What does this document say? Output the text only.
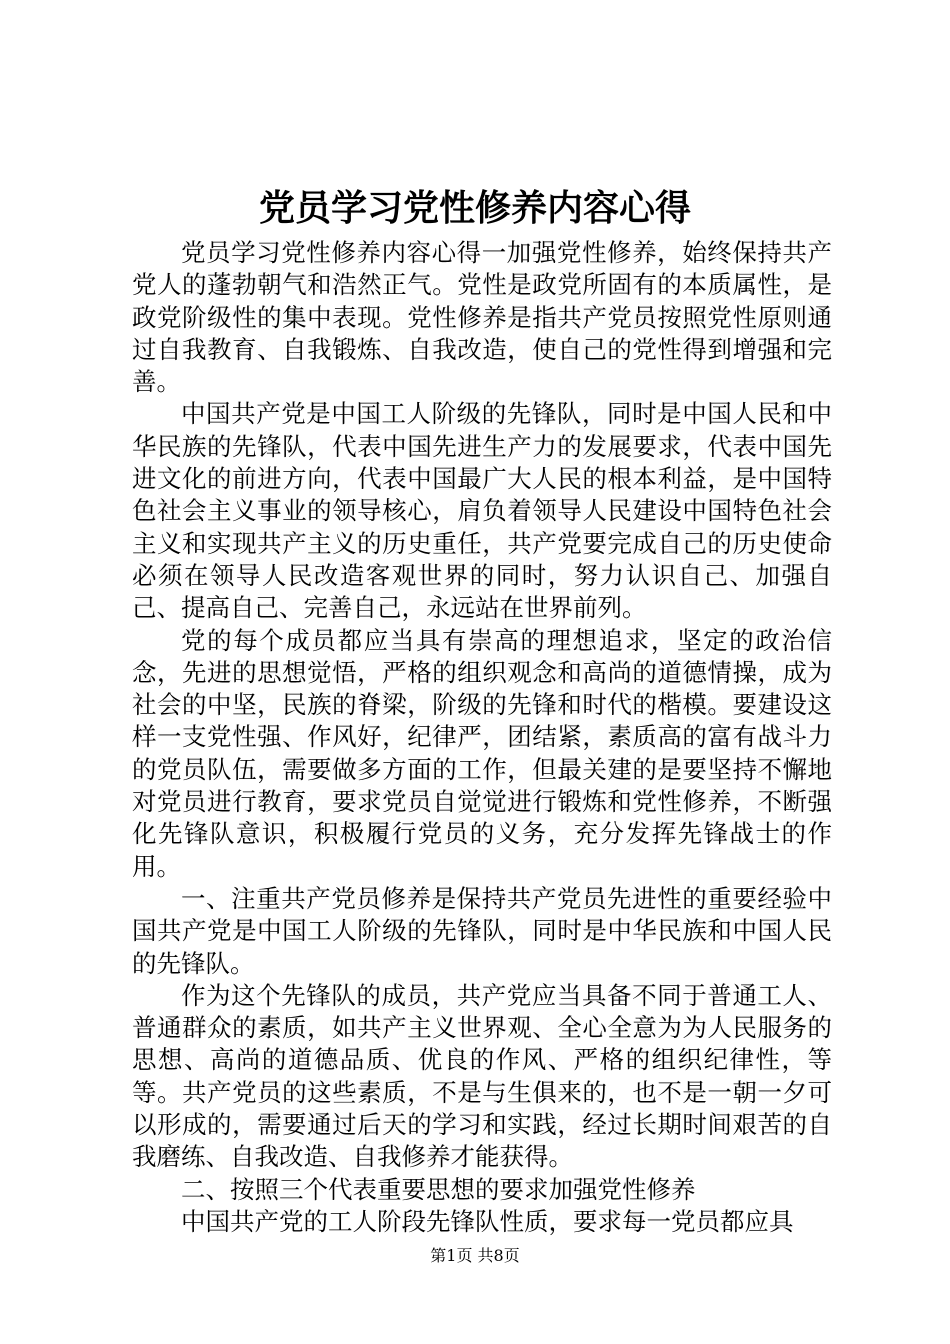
党员学习党性修养内容心得

党员学习党性修养内容心得一加强党性修养，始终保持共产党人的蓬勃朝气和浩然正气。党性是政党所固有的本质属性，是政党阶级性的集中表现。党性修养是指共产党员按照党性原则通过自我教育、自我锻炼、自我改造，使自己的党性得到增强和完善。

中国共产党是中国工人阶级的先锋队，同时是中国人民和中华民族的先锋队，代表中国先进生产力的发展要求，代表中国先进文化的前进方向，代表中国最广大人民的根本利益，是中国特色社会主义事业的领导核心，肩负着领导人民建设中国特色社会主义和实现共产主义的历史重任，共产党要完成自己的历史使命必须在领导人民改造客观世界的同时，努力认识自己、加强自己、提高自己、完善自己，永远站在世界前列。

党的每个成员都应当具有崇高的理想追求，坚定的政治信念，先进的思想觉悟，严格的组织观念和高尚的道德情操，成为社会的中坚，民族的脊梁，阶级的先锋和时代的楷模。要建设这样一支党性强、作风好，纪律严，团结紧，素质高的富有战斗力的党员队伍，需要做多方面的工作，但最关建的是要坚持不懈地对党员进行教育，要求党员自觉觉进行锻炼和党性修养，不断强化先锋队意识，积极履行党员的义务，充分发挥先锋战士的作用。

一、注重共产党员修养是保持共产党员先进性的重要经验中国共产党是中国工人阶级的先锋队，同时是中华民族和中国人民的先锋队。

作为这个先锋队的成员，共产党应当具备不同于普通工人、普通群众的素质，如共产主义世界观、全心全意为为人民服务的思想、高尚的道德品质、优良的作风、严格的组织纪律性，等等。共产党员的这些素质，不是与生俱来的，也不是一朝一夕可以形成的，需要通过后天的学习和实践，经过长期时间艰苦的自我磨练、自我改造、自我修养才能获得。

二、按照三个代表重要思想的要求加强党性修养

中国共产党的工人阶段先锋队性质，要求每一党员都应具

第1页 共8页
